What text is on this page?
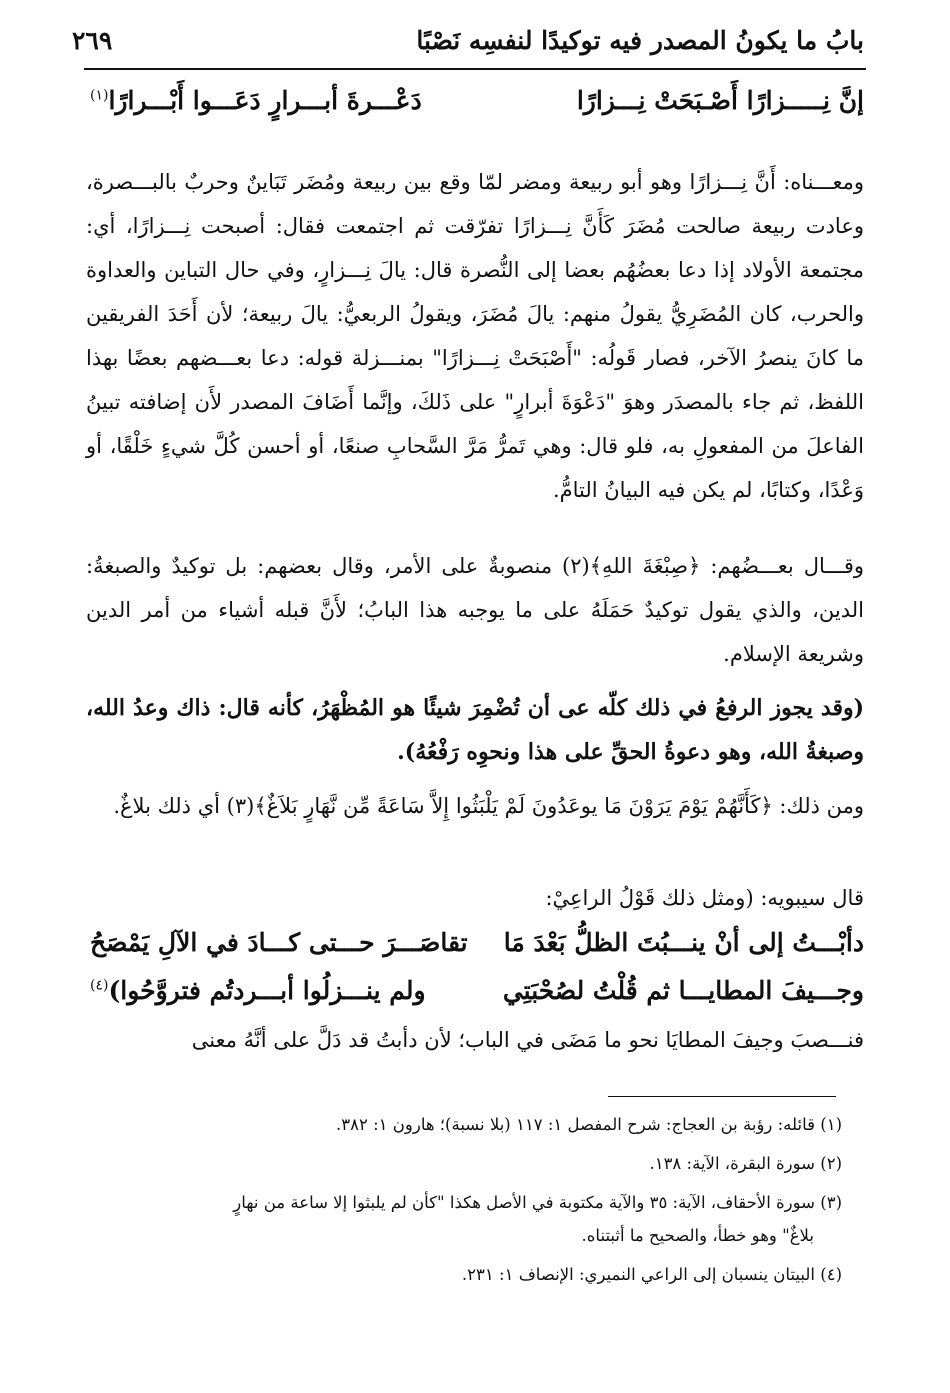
بابُ ما يكونُ المصدر فيه توكيدًا لنفسِه نَصْبًا
٢٦٩
إنَّ نِـــــزارًا أَصْـبَحَتْ نِـــزارًا
دَعْـــرةَ أبـــرارٍ دَعَـــوا أَبْـــرارًا$^{(١)}$

ومعـــناه: أَنَّ نِـــزارًا وهو أبو ربيعة ومضر لمّا وقع بين ربيعة ومُضَر تَبَاينٌ وحربٌ بالبـــصرة، وعادت ربيعة صالحت مُضَرَ كَأَنَّ نِـــزارًا تفرّقت ثم اجتمعت فقال: أصبحت نِـــزارًا، أي: مجتمعة الأولاد إذا دعا بعضُهُم بعضا إلى النُّصرة قال: يالَ نِـــزارٍ، وفي حال التباين والعداوة والحرب، كان المُضَرِيُّ يقولُ منهم: يالَ مُضَرَ، ويقولُ الربعيُّ: يالَ ربيعة؛ لأن أَحَدَ الفريقين ما كانَ ينصرُ الآخر، فصار قَولُه: "أَصْبَحَتْ نِـــزارًا" بمنـــزلة قوله: دعا بعـــضهم بعضًا بهذا اللفظ، ثم جاء بالمصدَر وهوَ "دَعْوَةَ أبرارٍ" على ذَلكَ، وإنَّما أَضَافَ المصدر لأَن إضافته تبينُ الفاعلَ من المفعولِ به، فلو قال: وهي تَمرُّ مَرَّ السَّحابِ صنعًا، أو أحسن كُلَّ شيءٍ خَلْقًا، أو وَعْدًا، وكتابًا، لم يكن فيه البيانُ التامُّ.

وقـــال بعـــضُهم: ﴿صِبْغَةَ اللهِ﴾(٢) منصوبةٌ على الأمر، وقال بعضهم: بل توكيدٌ والصبغةُ: الدين، والذي يقول توكيدٌ حَمَلَهُ على ما يوجبه هذا البابُ؛ لأَنَّ قبله أشياء من أمر الدين وشريعة الإسلام.

(وقد يجوز الرفعُ في ذلك كلّه عى أن تُضْمِرَ شيئًا هو المُظْهَرُ، كأنه قال: ذاك وعدُ الله، وصبغةُ الله، وهو دعوةُ الحقِّ على هذا ونحوِه رَفْعُهُ).

ومن ذلك: ﴿كَأَنَّهُمْ يَوْمَ يَرَوْنَ مَا يوعَدُونَ لَمْ يَلْبَثُوا إِلاَّ سَاعَةً مِّن نَّهَارٍ بَلاَغٌ﴾(٣) أي ذلك بلاغٌ.

قال سيبويه: (ومثل ذلك قَوْلُ الراعِيْ:

دأبْـــتُ إلى أنْ ينـــبُتَ الظلُّ بَعْدَ مَا
تقاصَـــرَ حـــتى كـــادَ في الآلِ يَمْصَحُ
وجـــيفَ المطايـــا ثم قُلْتُ لصُحْبَتِي
ولم ينـــزلُوا أبـــردتُم فتروَّحُوا)$^{(٤)}$

فنـــصبَ وجيفَ المطايَا نحو ما مَضَى في الباب؛ لأن دأبتُ قد دَلَّ على أنَّهُ معنى

(١) قائله: رؤبة بن العجاج: شرح المفصل ١: ١١٧ (بلا نسبة)؛ هارون ١: ٣٨٢.

(٢) سورة البقرة، الآية: ١٣٨.

(٣) سورة الأحقاف، الآية: ٣٥ والآية مكتوبة في الأصل هكذا "كأن لم يلبثوا إلا ساعة من نهارٍ

بلاغٌ" وهو خطأ، والصحيح ما أثبتناه.

(٤) البيتان ينسبان إلى الراعي النميري: الإنصاف ١: ٢٣١.
